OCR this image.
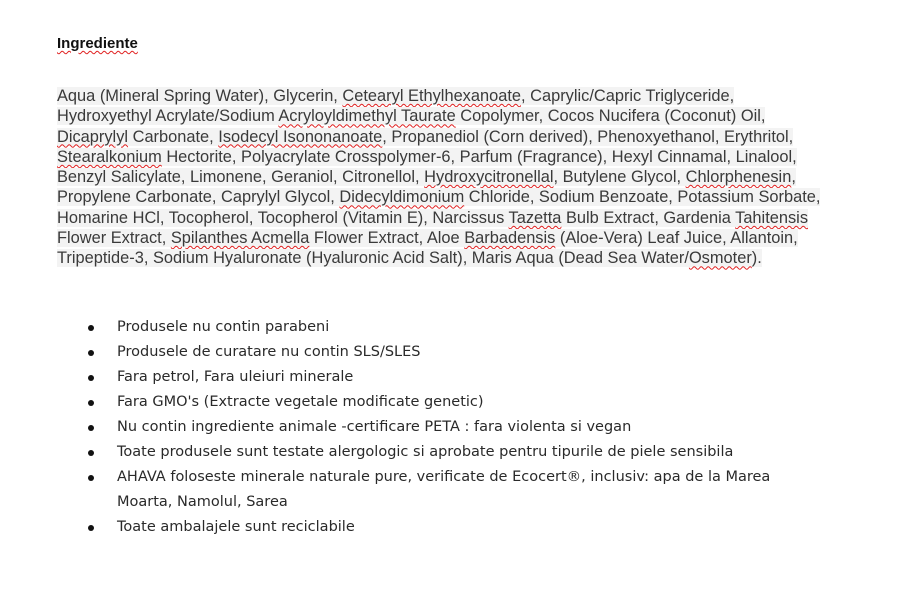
Ingrediente

Aqua (Mineral Spring Water), Glycerin, Cetearyl Ethylhexanoate, Caprylic/Capric Triglyceride, Hydroxyethyl Acrylate/Sodium Acryloyldimethyl Taurate Copolymer, Cocos Nucifera (Coconut) Oil, Dicaprylyl Carbonate, Isodecyl Isononanoate, Propanediol (Corn derived), Phenoxyethanol, Erythritol, Stearalkonium Hectorite, Polyacrylate Crosspolymer-6, Parfum (Fragrance), Hexyl Cinnamal, Linalool, Benzyl Salicylate, Limonene, Geraniol, Citronellol, Hydroxycitronellal, Butylene Glycol, Chlorphenesin, Propylene Carbonate, Caprylyl Glycol, Didecyldimonium Chloride, Sodium Benzoate, Potassium Sorbate, Homarine HCl, Tocopherol, Tocopherol (Vitamin E), Narcissus Tazetta Bulb Extract, Gardenia Tahitensis Flower Extract, Spilanthes Acmella Flower Extract, Aloe Barbadensis (Aloe-Vera) Leaf Juice, Allantoin, Tripeptide-3, Sodium Hyaluronate (Hyaluronic Acid Salt), Maris Aqua (Dead Sea Water/Osmoter).
Produsele nu contin parabeni
Produsele de curatare nu contin SLS/SLES
Fara petrol, Fara uleiuri minerale
Fara GMO's (Extracte vegetale modificate genetic)
Nu contin ingrediente animale -certificare PETA : fara violenta si vegan
Toate produsele sunt testate alergologic si aprobate pentru tipurile de piele sensibila
AHAVA foloseste minerale naturale pure, verificate de Ecocert®, inclusiv: apa de la Marea Moarta, Namolul, Sarea
Toate ambalajele sunt reciclabile
